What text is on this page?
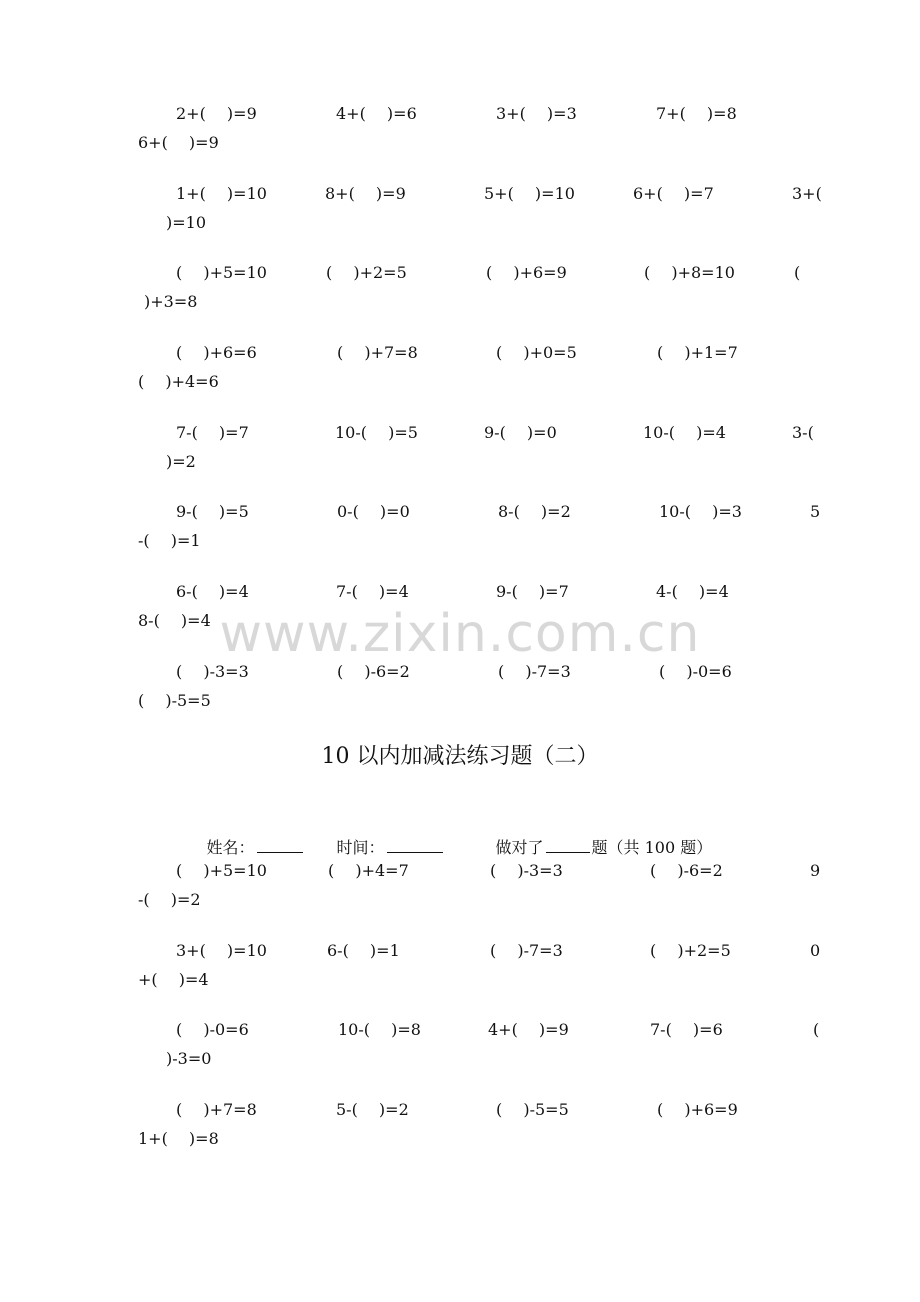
2+(　 )=9	4+(　 )=6	3+(　 )=3	7+(　 )=8
6+(　 )=9
1+(　 )=10	8+(　 )=9	5+(　 )=10	6+(　 )=7	3+(
)=10
(　 )+5=10	(　 )+2=5	(　 )+6=9	(　 )+8=10	(
)+3=8
(　 )+6=6	(　 )+7=8	(　 )+0=5	(　 )+1=7
(　 )+4=6
7-(　 )=7	10-(　 )=5	9-(　 )=0	10-(　 )=4	3-(
)=2
9-(　 )=5	0-(　 )=0	8-(　 )=2	10-(　 )=3	5
-(　 )=1
6-(　 )=4	7-(　 )=4	9-(　 )=7	4-(　 )=4
8-(　 )=4
(　 )-3=3	(　 )-6=2	(　 )-7=3	(　 )-0=6
(　 )-5=5
www.zixin.com.cn
10 以内加减法练习题（二）

姓名：
	时间：
	做对了	题（共 100 题）

(　 )+5=10	(　 )+4=7	(　 )-3=3	(　 )-6=2	9
-(　 )=2
3+(　 )=10	6-(　 )=1	(　 )-7=3	(　 )+2=5	0
+(　 )=4
(　 )-0=6	10-(　 )=8	4+(　 )=9	7-(　 )=6	(
)-3=0
(　 )+7=8	5-(　 )=2	(　 )-5=5	(　 )+6=9
1+(　 )=8
